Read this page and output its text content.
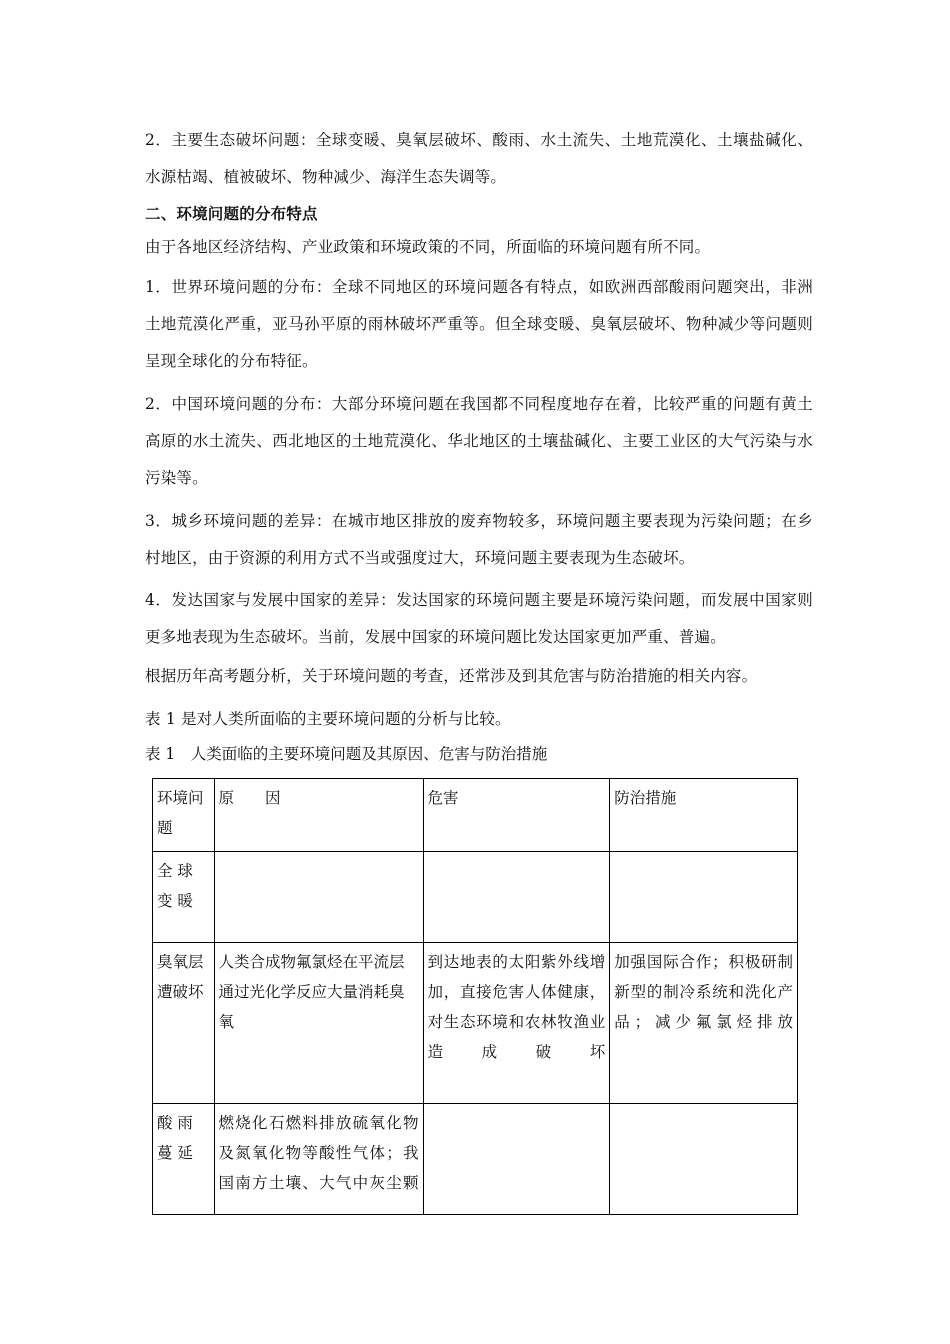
2．主要生态破坏问题：全球变暖、臭氧层破坏、酸雨、水土流失、土地荒漠化、土壤盐碱化、水源枯竭、植被破坏、物种减少、海洋生态失调等。

二、环境问题的分布特点

由于各地区经济结构、产业政策和环境政策的不同，所面临的环境问题有所不同。

1．世界环境问题的分布：全球不同地区的环境问题各有特点，如欧洲西部酸雨问题突出，非洲土地荒漠化严重，亚马孙平原的雨林破坏严重等。但全球变暖、臭氧层破坏、物种减少等问题则呈现全球化的分布特征。

2．中国环境问题的分布：大部分环境问题在我国都不同程度地存在着，比较严重的问题有黄土高原的水土流失、西北地区的土地荒漠化、华北地区的土壤盐碱化、主要工业区的大气污染与水污染等。

3．城乡环境问题的差异：在城市地区排放的废弃物较多，环境问题主要表现为污染问题；在乡村地区，由于资源的利用方式不当或强度过大，环境问题主要表现为生态破坏。

4．发达国家与发展中国家的差异：发达国家的环境问题主要是环境污染问题，而发展中国家则更多地表现为生态破坏。当前，发展中国家的环境问题比发达国家更加严重、普遍。

根据历年高考题分析，关于环境问题的考查，还常涉及到其危害与防治措施的相关内容。

表 1 是对人类所面临的主要环境问题的分析与比较。

表 1　人类面临的主要环境问题及其原因、危害与防治措施
环境问题	原　　因	危害	防治措施
全 球 变 暖			
臭氧层遭破坏	人类合成物氟氯烃在平流层通过光化学反应大量消耗臭氧	到达地表的太阳紫外线增加，直接危害人体健康，对生态环境和农林牧渔业造成破坏	加强国际合作；积极研制新型的制冷系统和洗化产品；减少氟氯烃排放
酸 雨 蔓 延	燃烧化石燃料排放硫氧化物及氮氧化物等酸性气体；我国南方土壤、大气中灰尘颗		
